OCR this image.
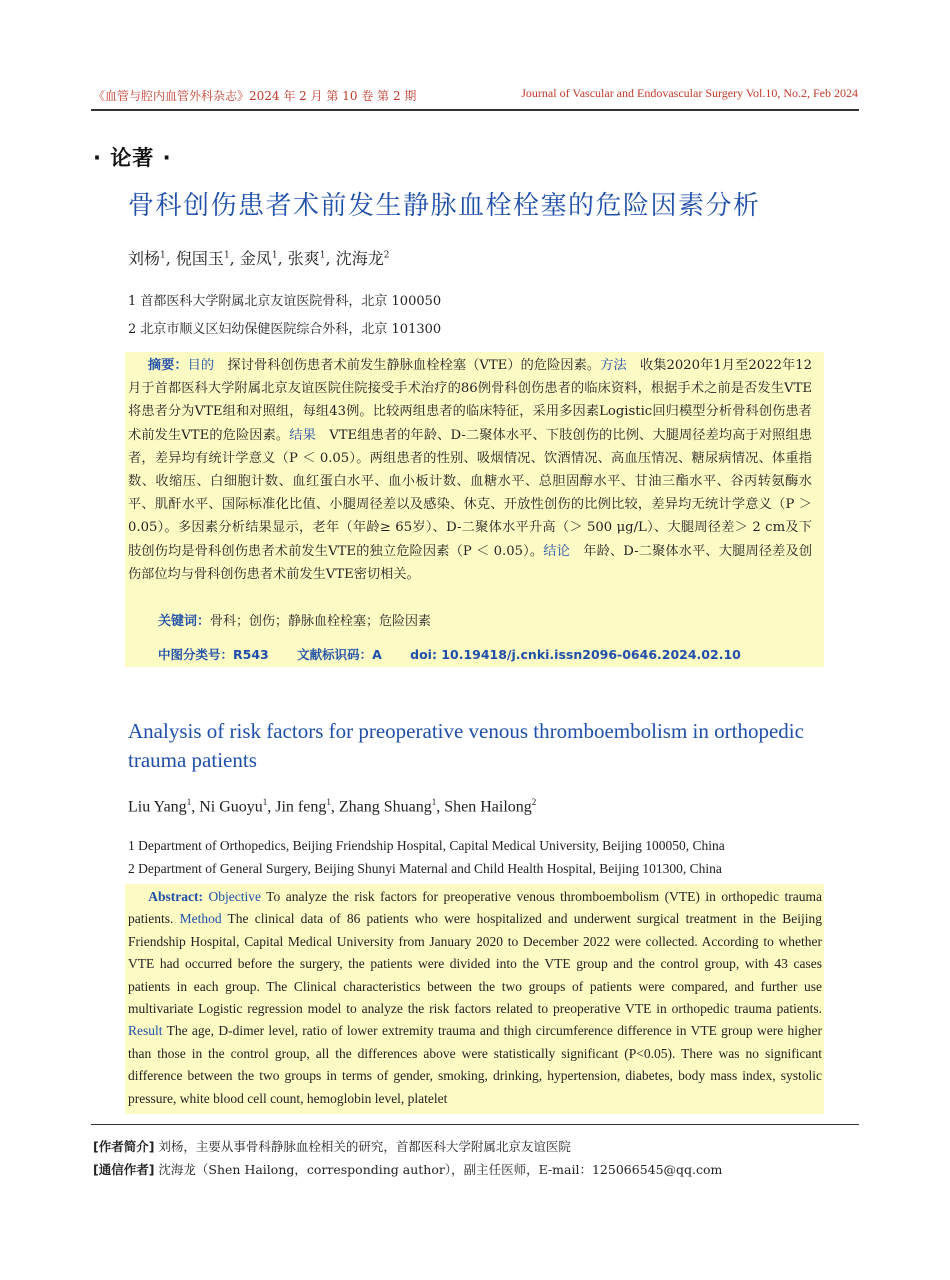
《血管与腔内血管外科杂志》2024 年 2 月 第 10 卷 第 2 期	Journal of Vascular and Endovascular Surgery Vol.10, No.2, Feb 2024
· 论著 ·
骨科创伤患者术前发生静脉血栓栓塞的危险因素分析
刘杨$^1$, 倪国玉$^1$, 金凤$^1$, 张爽$^1$, 沈海龙$^2$
1 首都医科大学附属北京友谊医院骨科，北京 100050
2 北京市顺义区妇幼保健医院综合外科，北京 101300
  摘要：目的　探讨骨科创伤患者术前发生静脉血栓栓塞（VTE）的危险因素。方法　收集2020年1月至2022年12月于首都医科大学附属北京友谊医院住院接受手术治疗的86例骨科创伤患者的临床资料，根据手术之前是否发生VTE将患者分为VTE组和对照组，每组43例。比较两组患者的临床特征，采用多因素Logistic回归模型分析骨科创伤患者术前发生VTE的危险因素。结果　VTE组患者的年龄、D-二聚体水平、下肢创伤的比例、大腿周径差均高于对照组患者，差异均有统计学意义（P ＜ 0.05）。两组患者的性别、吸烟情况、饮酒情况、高血压情况、糖尿病情况、体重指数、收缩压、白细胞计数、血红蛋白水平、血小板计数、血糖水平、总胆固醇水平、甘油三酯水平、谷丙转氨酶水平、肌酐水平、国际标准化比值、小腿周径差以及感染、休克、开放性创伤的比例比较，差异均无统计学意义（P ＞ 0.05）。多因素分析结果显示，老年（年龄≥ 65岁）、D-二聚体水平升高（＞ 500 μg/L）、大腿周径差＞ 2 cm及下肢创伤均是骨科创伤患者术前发生VTE的独立危险因素（P ＜ 0.05）。结论　年龄、D-二聚体水平、大腿周径差及创伤部位均与骨科创伤患者术前发生VTE密切相关。
关键词：骨科；创伤；静脉血栓栓塞；危险因素
中图分类号：R543 文献标识码：A doi: 10.19418/j.cnki.issn2096-0646.2024.02.10
Analysis of risk factors for preoperative venous thromboembolism in orthopedic trauma patients
Liu Yang$^1$, Ni Guoyu$^1$, Jin feng$^1$, Zhang Shuang$^1$, Shen Hailong$^2$
1 Department of Orthopedics, Beijing Friendship Hospital, Capital Medical University, Beijing 100050, China
2 Department of General Surgery, Beijing Shunyi Maternal and Child Health Hospital, Beijing 101300, China
  Abstract: Objective To analyze the risk factors for preoperative venous thromboembolism (VTE) in orthopedic trauma patients. Method The clinical data of 86 patients who were hospitalized and underwent surgical treatment in the Beijing Friendship Hospital, Capital Medical University from January 2020 to December 2022 were collected. According to whether VTE had occurred before the surgery, the patients were divided into the VTE group and the control group, with 43 cases patients in each group. The Clinical characteristics between the two groups of patients were compared, and further use multivariate Logistic regression model to analyze the risk factors related to preoperative VTE in orthopedic trauma patients. Result The age, D-dimer level, ratio of lower extremity trauma and thigh circumference difference in VTE group were higher than those in the control group, all the differences above were statistically significant (P<0.05). There was no significant difference between the two groups in terms of gender, smoking, drinking, hypertension, diabetes, body mass index, systolic pressure, white blood cell count, hemoglobin level, platelet
[作者简介] 刘杨，主要从事骨科静脉血栓相关的研究，首都医科大学附属北京友谊医院
[通信作者] 沈海龙（Shen Hailong，corresponding author），副主任医师，E-mail：125066545@qq.com
